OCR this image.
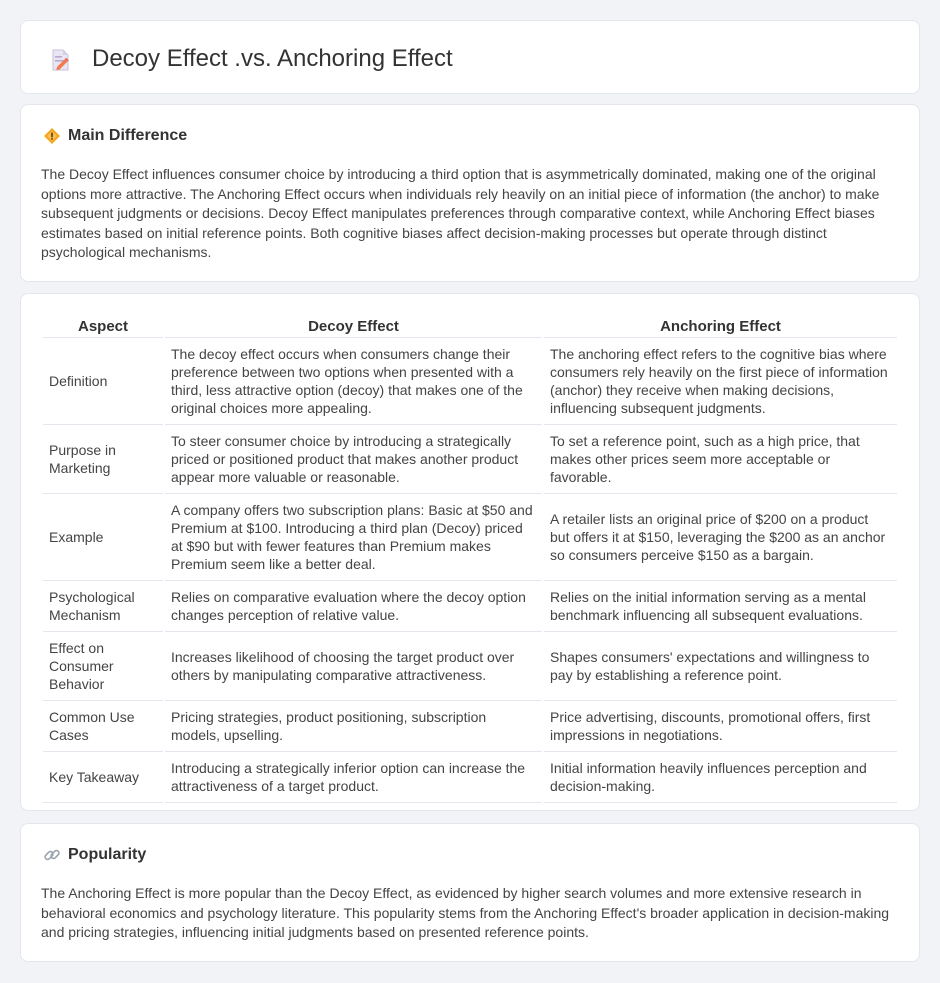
Decoy Effect .vs. Anchoring Effect
Main Difference

The Decoy Effect influences consumer choice by introducing a third option that is asymmetrically dominated, making one of the original options more attractive. The Anchoring Effect occurs when individuals rely heavily on an initial piece of information (the anchor) to make subsequent judgments or decisions. Decoy Effect manipulates preferences through comparative context, while Anchoring Effect biases estimates based on initial reference points. Both cognitive biases affect decision-making processes but operate through distinct psychological mechanisms.

Aspect	Decoy Effect	Anchoring Effect
Definition	The decoy effect occurs when consumers change their preference between two options when presented with a third, less attractive option (decoy) that makes one of the original choices more appealing.	The anchoring effect refers to the cognitive bias where consumers rely heavily on the first piece of information (anchor) they receive when making decisions, influencing subsequent judgments.
Purpose in Marketing	To steer consumer choice by introducing a strategically priced or positioned product that makes another product appear more valuable or reasonable.	To set a reference point, such as a high price, that makes other prices seem more acceptable or favorable.
Example	A company offers two subscription plans: Basic at $50 and Premium at $100. Introducing a third plan (Decoy) priced at $90 but with fewer features than Premium makes Premium seem like a better deal.	A retailer lists an original price of $200 on a product but offers it at $150, leveraging the $200 as an anchor so consumers perceive $150 as a bargain.
Psychological Mechanism	Relies on comparative evaluation where the decoy option changes perception of relative value.	Relies on the initial information serving as a mental benchmark influencing all subsequent evaluations.
Effect on Consumer Behavior	Increases likelihood of choosing the target product over others by manipulating comparative attractiveness.	Shapes consumers' expectations and willingness to pay by establishing a reference point.
Common Use Cases	Pricing strategies, product positioning, subscription models, upselling.	Price advertising, discounts, promotional offers, first impressions in negotiations.
Key Takeaway	Introducing a strategically inferior option can increase the attractiveness of a target product.	Initial information heavily influences perception and decision-making.
Popularity

The Anchoring Effect is more popular than the Decoy Effect, as evidenced by higher search volumes and more extensive research in behavioral economics and psychology literature. This popularity stems from the Anchoring Effect's broader application in decision-making and pricing strategies, influencing initial judgments based on presented reference points.
